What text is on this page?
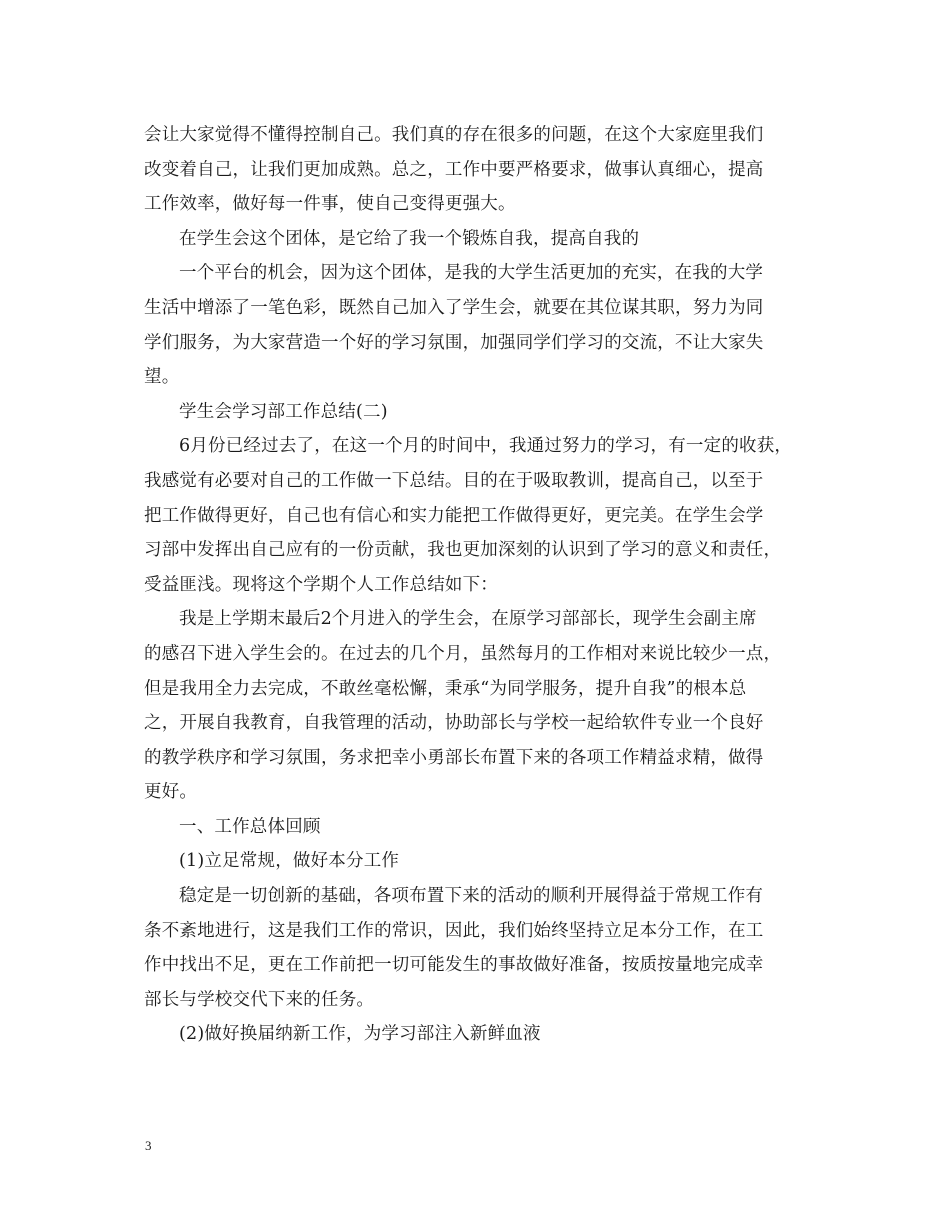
会让大家觉得不懂得控制自己。我们真的存在很多的问题，在这个大家庭里我们
改变着自己，让我们更加成熟。总之，工作中要严格要求，做事认真细心，提高
工作效率，做好每一件事，使自己变得更强大。
在学生会这个团体，是它给了我一个锻炼自我，提高自我的
一个平台的机会，因为这个团体，是我的大学生活更加的充实，在我的大学
生活中增添了一笔色彩，既然自己加入了学生会，就要在其位谋其职，努力为同
学们服务，为大家营造一个好的学习氛围，加强同学们学习的交流，不让大家失
望。
学生会学习部工作总结(二)
6月份已经过去了，在这一个月的时间中，我通过努力的学习，有一定的收获，
我感觉有必要对自己的工作做一下总结。目的在于吸取教训，提高自己，以至于
把工作做得更好，自己也有信心和实力能把工作做得更好，更完美。在学生会学
习部中发挥出自己应有的一份贡献，我也更加深刻的认识到了学习的意义和责任，
受益匪浅。现将这个学期个人工作总结如下：
我是上学期末最后2个月进入的学生会，在原学习部部长，现学生会副主席
的感召下进入学生会的。在过去的几个月，虽然每月的工作相对来说比较少一点，
但是我用全力去完成，不敢丝毫松懈，秉承“为同学服务，提升自我”的根本总
之，开展自我教育，自我管理的活动，协助部长与学校一起给软件专业一个良好
的教学秩序和学习氛围，务求把幸小勇部长布置下来的各项工作精益求精，做得
更好。
一、工作总体回顾
(1)立足常规，做好本分工作
稳定是一切创新的基础，各项布置下来的活动的顺利开展得益于常规工作有
条不紊地进行，这是我们工作的常识，因此，我们始终坚持立足本分工作，在工
作中找出不足，更在工作前把一切可能发生的事故做好准备，按质按量地完成幸
部长与学校交代下来的任务。
(2)做好换届纳新工作，为学习部注入新鲜血液
3
